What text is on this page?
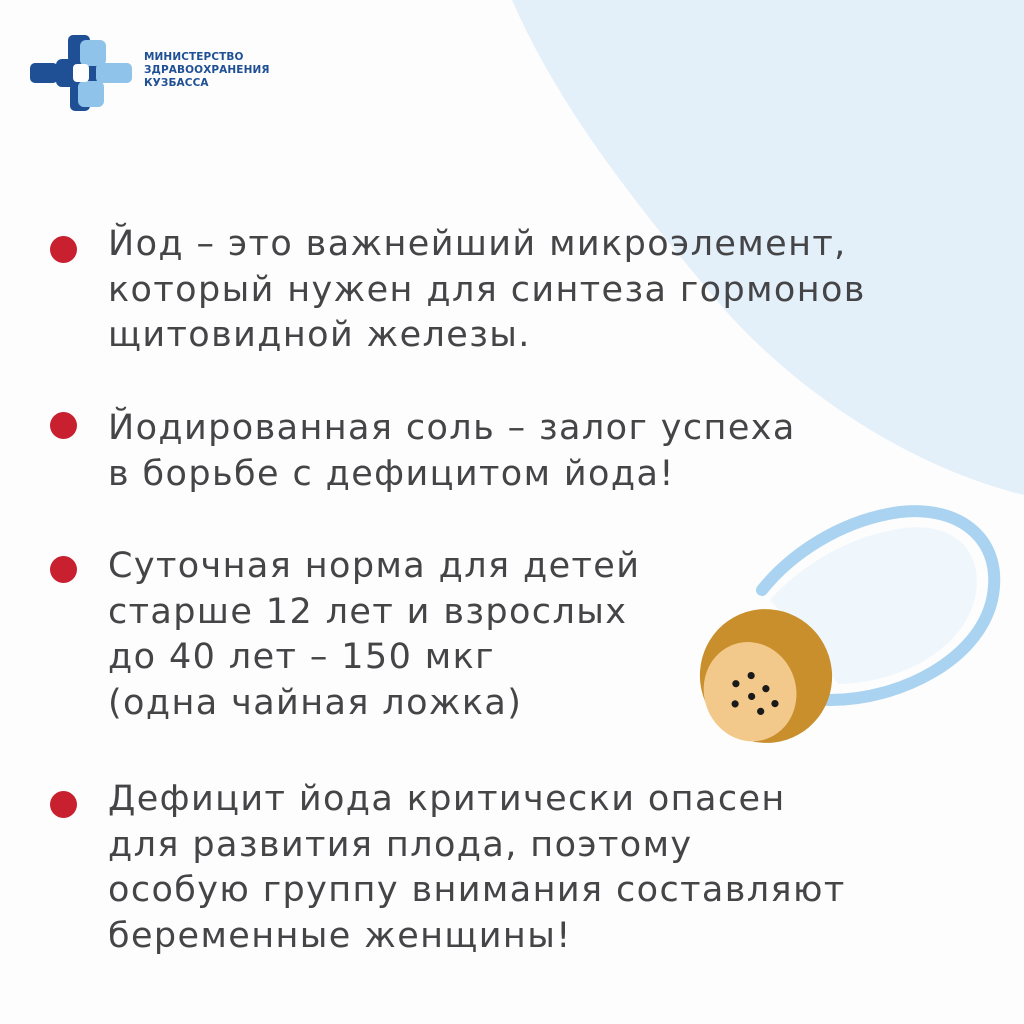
МИНИСТЕРСТВО
ЗДРАВООХРАНЕНИЯ
КУЗБАССА
Йод – это важнейший микроэлемент,
который нужен для синтеза гормонов
щитовидной железы.
Йодированная соль – залог успеха
в борьбе с дефицитом йода!
Суточная норма для детей
старше 12 лет и взрослых
до 40 лет – 150 мкг
(одна чайная ложка)
Дефицит йода критически опасен
для развития плода, поэтому
особую группу внимания составляют
беременные женщины!
